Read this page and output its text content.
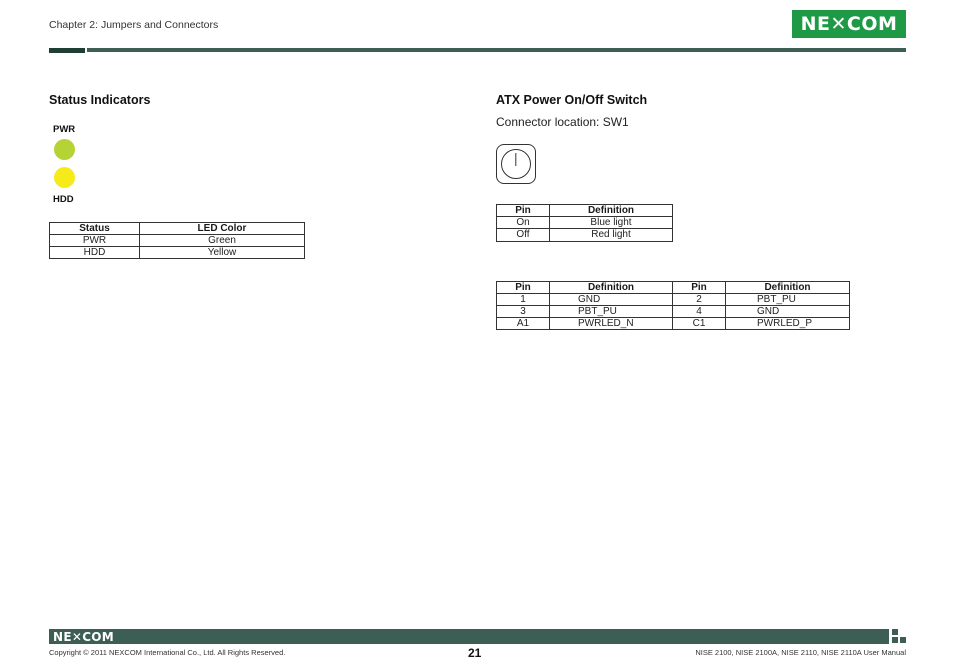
Chapter 2: Jumpers and Connectors	NE✕COM
Status Indicators
PWR
HDD
Status	LED Color
PWR	Green
HDD	Yellow
ATX Power On/Off Switch
Connector location: SW1
Pin	Definition
On	Blue light
Off	Red light
Pin	Definition	Pin	Definition
1	GND	2	PBT_PU
3	PBT_PU	4	GND
A1	PWRLED_N	C1	PWRLED_P
NE✕COM
Copyright © 2011 NEXCOM International Co., Ltd. All Rights Reserved.	21	NISE 2100, NISE 2100A, NISE 2110, NISE 2110A User Manual
